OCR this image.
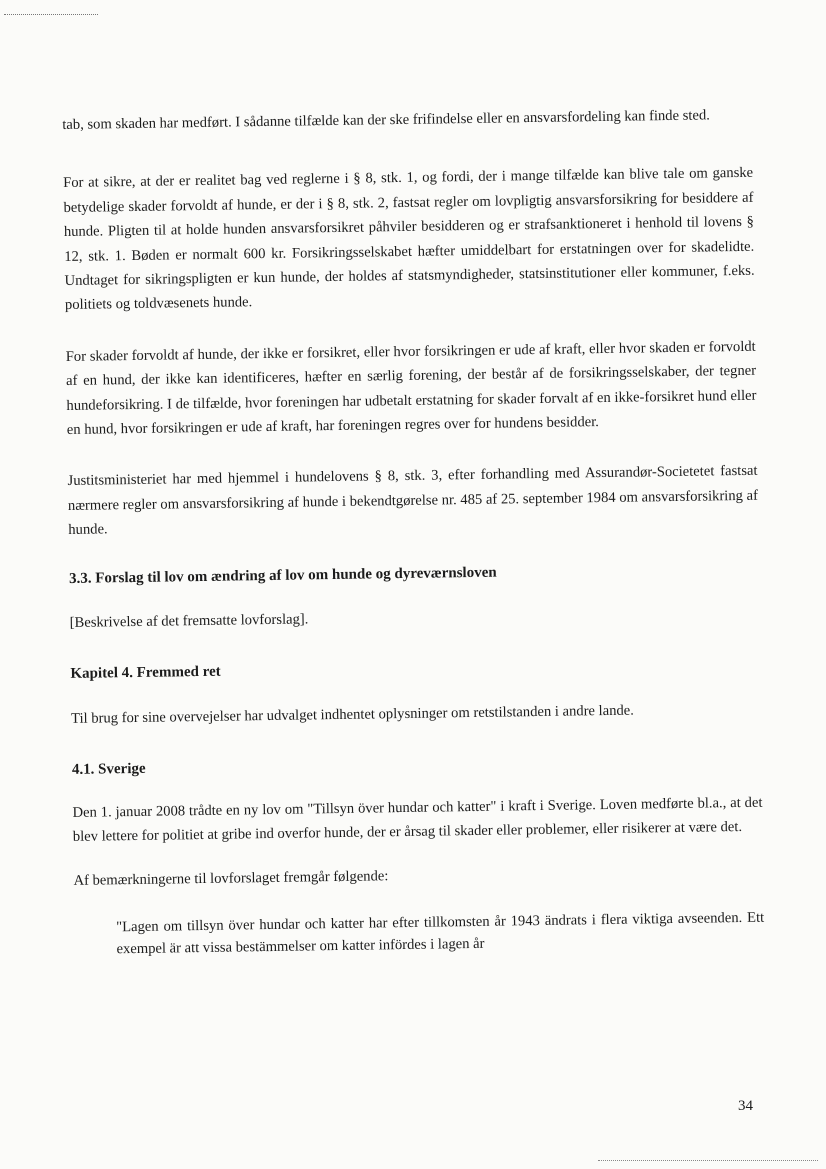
tab, som skaden har medført. I sådanne tilfælde kan der ske frifindelse eller en ansvarsfordeling kan finde sted.

For at sikre, at der er realitet bag ved reglerne i § 8, stk. 1, og fordi, der i mange tilfælde kan blive tale om ganske betydelige skader forvoldt af hunde, er der i § 8, stk. 2, fastsat regler om lovpligtig ansvarsforsikring for besiddere af hunde. Pligten til at holde hunden ansvarsforsikret påhviler besidderen og er strafsanktioneret i henhold til lovens § 12, stk. 1. Bøden er normalt 600 kr. Forsikringsselskabet hæfter umiddelbart for erstatningen over for skadelidte. Undtaget for sikringspligten er kun hunde, der holdes af statsmyndigheder, statsinstitutioner eller kommuner, f.eks. politiets og toldvæsenets hunde.

For skader forvoldt af hunde, der ikke er forsikret, eller hvor forsikringen er ude af kraft, eller hvor skaden er forvoldt af en hund, der ikke kan identificeres, hæfter en særlig forening, der består af de forsikringsselskaber, der tegner hundeforsikring. I de tilfælde, hvor foreningen har udbetalt erstatning for skader forvalt af en ikke-forsikret hund eller en hund, hvor forsikringen er ude af kraft, har foreningen regres over for hundens besidder.

Justitsministeriet har med hjemmel i hundelovens § 8, stk. 3, efter forhandling med Assurandør-Societetet fastsat nærmere regler om ansvarsforsikring af hunde i bekendtgørelse nr. 485 af 25. september 1984 om ansvarsforsikring af hunde.

3.3. Forslag til lov om ændring af lov om hunde og dyreværnsloven

[Beskrivelse af det fremsatte lovforslag].

Kapitel 4. Fremmed ret

Til brug for sine overvejelser har udvalget indhentet oplysninger om retstilstanden i andre lande.

4.1. Sverige

Den 1. januar 2008 trådte en ny lov om "Tillsyn över hundar och katter" i kraft i Sverige. Loven medførte bl.a., at det blev lettere for politiet at gribe ind overfor hunde, der er årsag til skader eller problemer, eller risikerer at være det.

Af bemærkningerne til lovforslaget fremgår følgende:

"Lagen om tillsyn över hundar och katter har efter tillkomsten år 1943 ändrats i flera viktiga avseenden. Ett exempel är att vissa bestämmelser om katter infördes i lagen år
34
